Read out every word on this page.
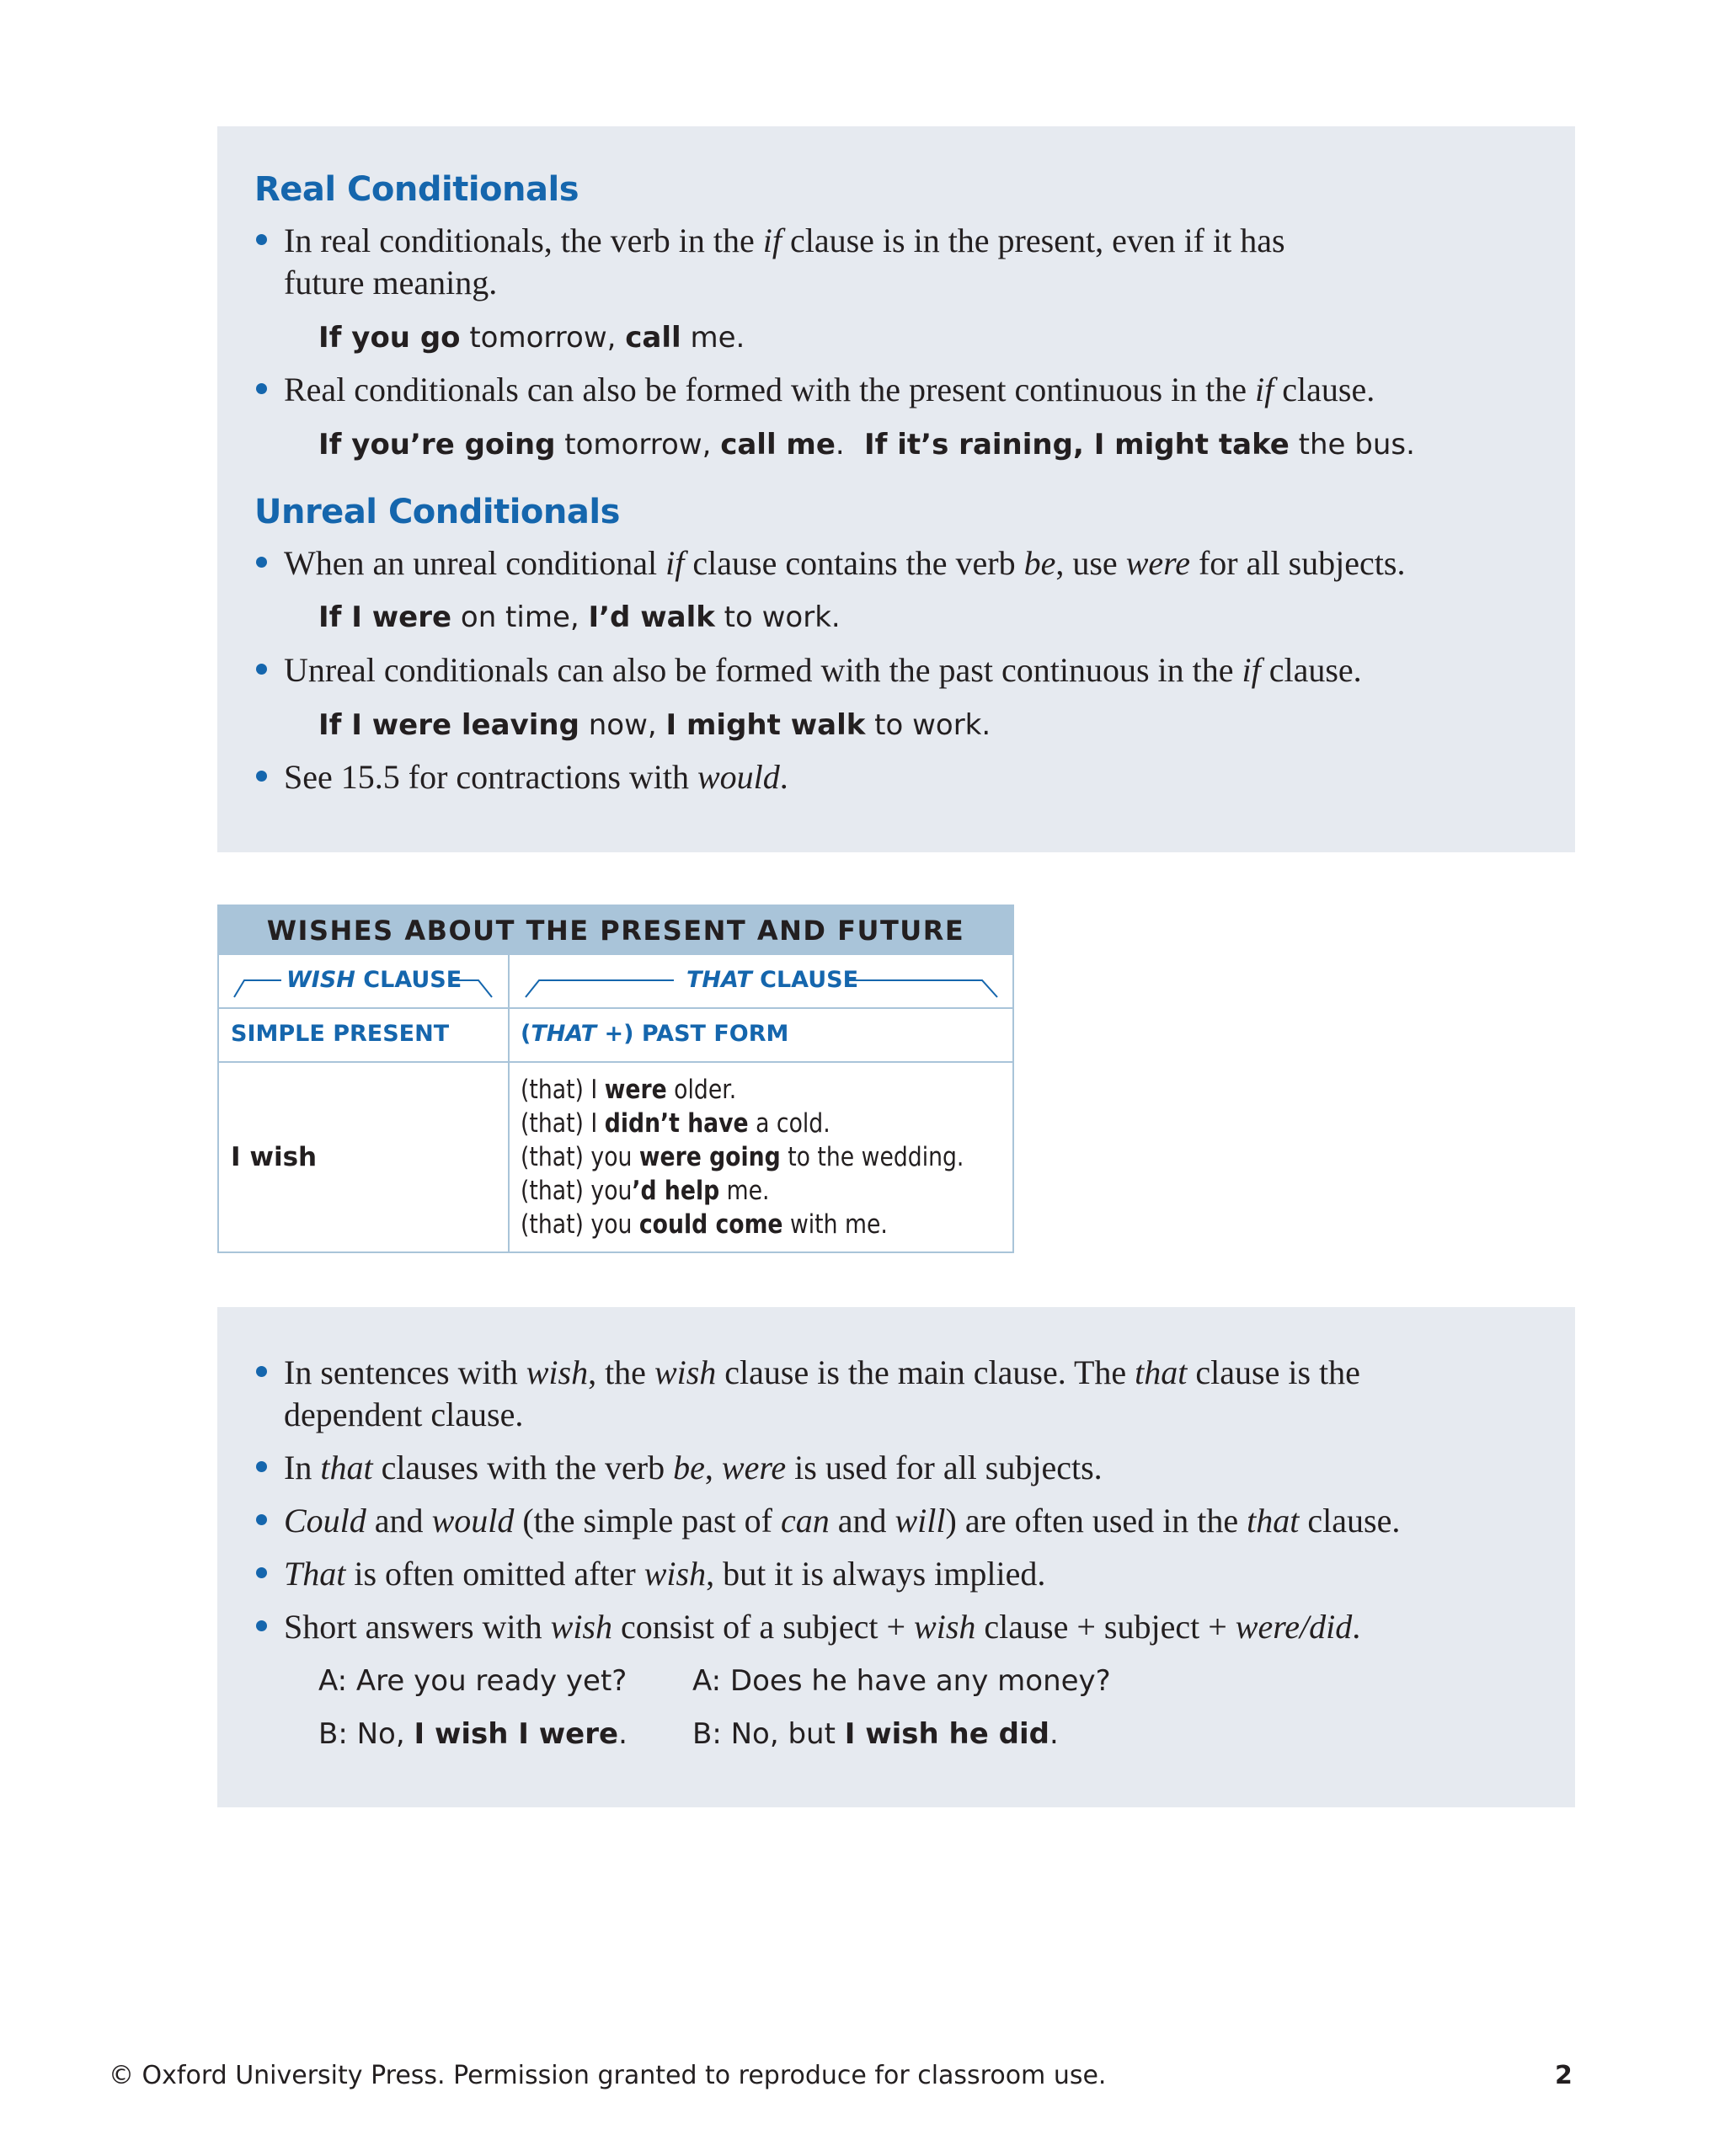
Real Conditionals
In real conditionals, the verb in the if clause is in the present, even if it has
future meaning.
If you go tomorrow, call me.
Real conditionals can also be formed with the present continuous in the if clause.
If you’re going tomorrow, call me. If it’s raining, I might take the bus.
Unreal Conditionals
When an unreal conditional if clause contains the verb be, use were for all subjects.
If I were on time, I’d walk to work.
Unreal conditionals can also be formed with the past continuous in the if clause.
If I were leaving now, I might walk to work.
See 15.5 for contractions with would.
WISHES ABOUT THE PRESENT AND FUTURE
WISH CLAUSE	THAT CLAUSE
SIMPLE PRESENT	(THAT +) PAST FORM
I wish
(that) I were older.
(that) I didn’t have a cold.
(that) you were going to the wedding.
(that) you’d help me.
(that) you could come with me.
In sentences with wish, the wish clause is the main clause. The that clause is the
dependent clause.
In that clauses with the verb be, were is used for all subjects.
Could and would (the simple past of can and will) are often used in the that clause.
That is often omitted after wish, but it is always implied.
Short answers with wish consist of a subject + wish clause + subject + were/did.
A: Are you ready yet?
B: No, I wish I were.
A: Does he have any money?
B: No, but I wish he did.
© Oxford University Press. Permission granted to reproduce for classroom use.	2
